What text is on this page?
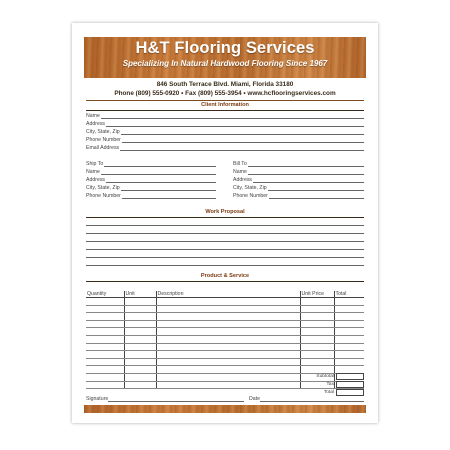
H&T Flooring Services
Specializing In Natural Hardwood Flooring Since 1967
846 South Terrace Blvd. Miami, Florida 33180
Phone (809) 555-0920 • Fax (809) 555-3954 • www.hcflooringservices.com
Client Information
Name
Address
City, State, Zip
Phone Number
Email Address
Ship To
Name
Address
City, State, Zip
Phone Number
Bill To
Name
Address
City, State, Zip
Phone Number
Work Proposal
Product & Service
Quantity	Unit	Description	Unit Price	Total

Subtotal
Tax
Total
Signature	Date
